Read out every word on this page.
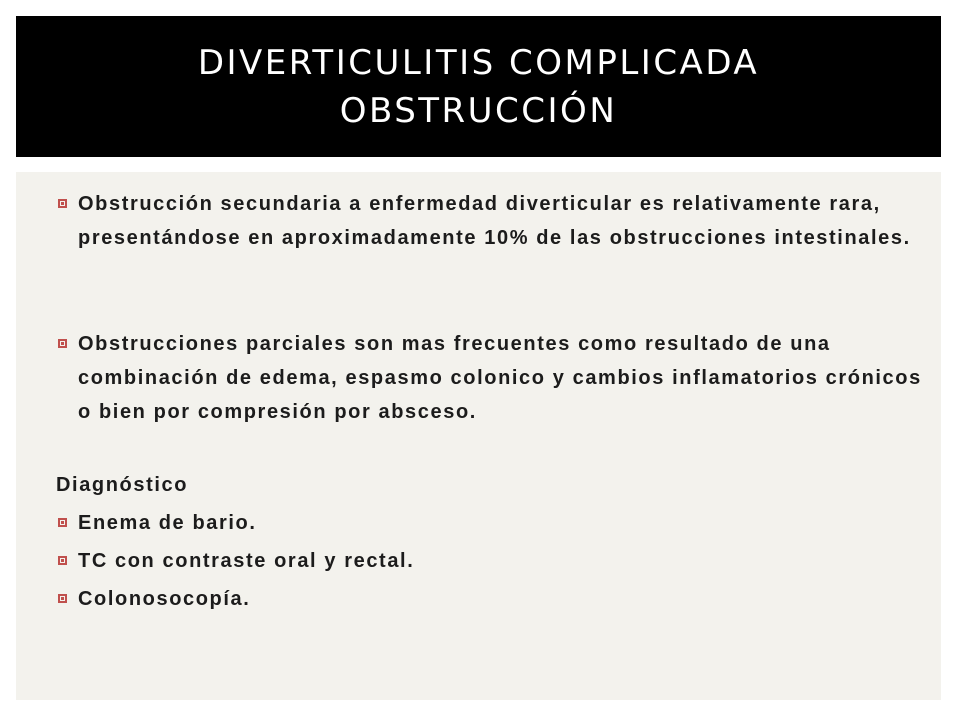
DIVERTICULITIS COMPLICADA
OBSTRUCCIÓN
Obstrucción secundaria a enfermedad diverticular es relativamente rara, presentándose en aproximadamente 10% de las obstrucciones intestinales.
Obstrucciones parciales son mas frecuentes como resultado de una combinación de edema, espasmo colonico y cambios inflamatorios crónicos o bien por compresión por absceso.
Diagnóstico
Enema de bario.
TC con contraste oral y rectal.
Colonosocopía.
